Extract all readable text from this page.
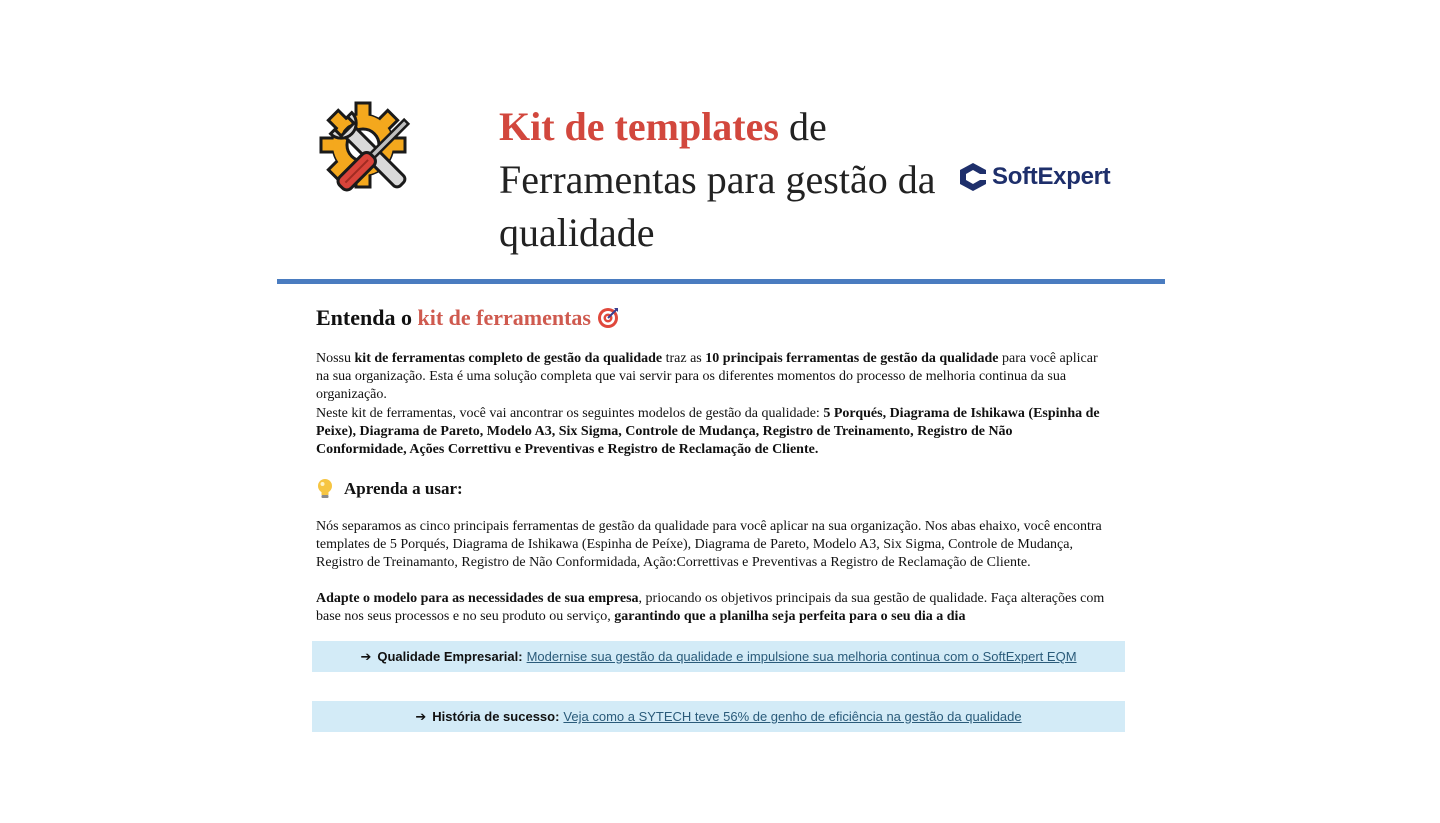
Kit de templates de Ferramentas para gestão da qualidade
SoftExpert
Entenda o kit de ferramentas

Nossu kit de ferramentas completo de gestão da qualidade traz as 10 principais ferramentas de gestão da qualidade para você aplicar na sua organização. Esta é uma solução completa que vai servir para os diferentes momentos do processo de melhoria continua da sua organização.

Neste kit de ferramentas, você vai ancontrar os seguintes modelos de gestão da qualidade: 5 Porqués, Diagrama de Ishikawa (Espinha de Peixe), Diagrama de Pareto, Modelo A3, Six Sigma, Controle de Mudança, Registro de Treinamento, Registro de Não Conformidade, Ações Correttivu e Preventivas e Registro de Reclamação de Cliente.

Aprenda a usar:

Nós separamos as cinco principais ferramentas de gestão da qualidade para você aplicar na sua organização. Nos abas ehaixo, você encontra templates de 5 Porqués, Diagrama de Ishikawa (Espinha de Peíxe), Diagrama de Pareto, Modelo A3, Six Sigma, Controle de Mudança, Registro de Treinamanto, Registro de Não Conformidada, Ação:Correttivas e Preventivas a Registro de Reclamação de Cliente.

Adapte o modelo para as necessidades de sua empresa, priocando os objetivos principais da sua gestão de qualidade. Faça alterações com base nos seus processos e no seu produto ou serviço, garantindo que a planilha seja perfeita para o seu dia a dia

➔ Qualidade Empresarial: Modernise sua gestão da qualidade e impulsione sua melhoria continua com o SoftExpert EQM
➔ História de sucesso: Veja como a SYTECH teve 56% de genho de eficiência na gestão da qualidade
